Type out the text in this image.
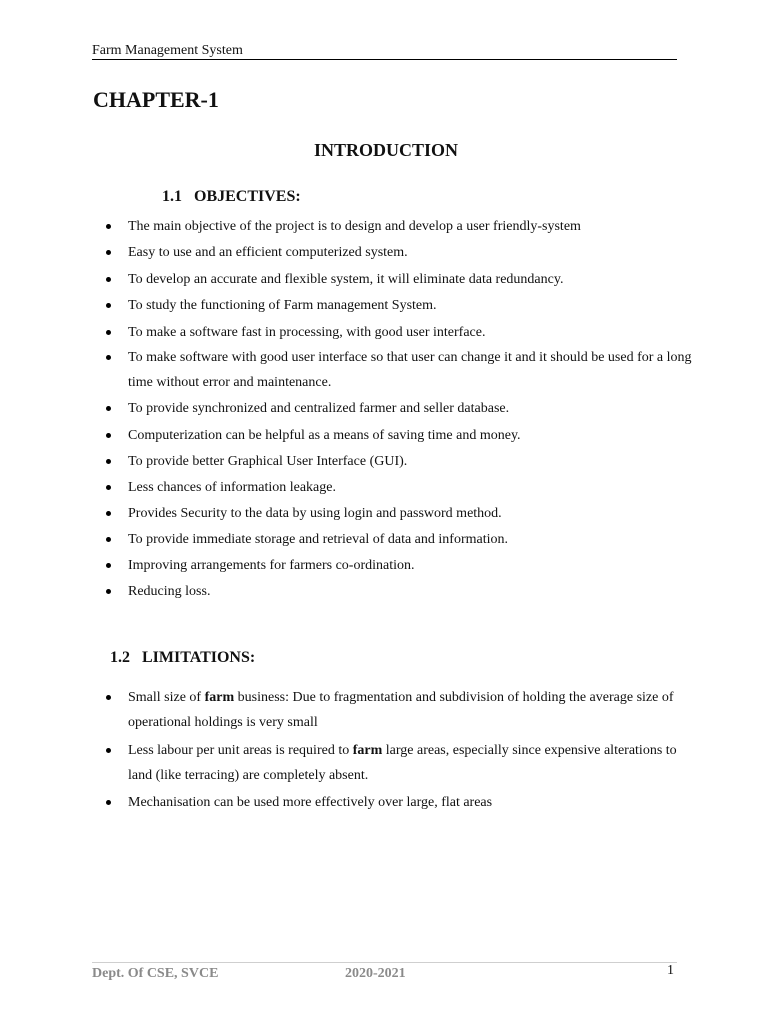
Farm Management System
CHAPTER-1
INTRODUCTION
1.1 OBJECTIVES:
The main objective of the project is to design and develop a user friendly-system
Easy to use and an efficient computerized system.
To develop an accurate and flexible system, it will eliminate data redundancy.
To study the functioning of Farm management System.
To make a software fast in processing, with good user interface.
To make software with good user interface so that user can change it and it should be used for a long time without error and maintenance.
To provide synchronized and centralized farmer and seller database.
Computerization can be helpful as a means of saving time and money.
To provide better Graphical User Interface (GUI).
Less chances of information leakage.
Provides Security to the data by using login and password method.
To provide immediate storage and retrieval of data and information.
Improving arrangements for farmers co-ordination.
Reducing loss.
1.2 LIMITATIONS:
Small size of farm business: Due to fragmentation and subdivision of holding the average size of operational holdings is very small
Less labour per unit areas is required to farm large areas, especially since expensive alterations to land (like terracing) are completely absent.
Mechanisation can be used more effectively over large, flat areas
Dept. Of CSE, SVCE	2020-2021	1
